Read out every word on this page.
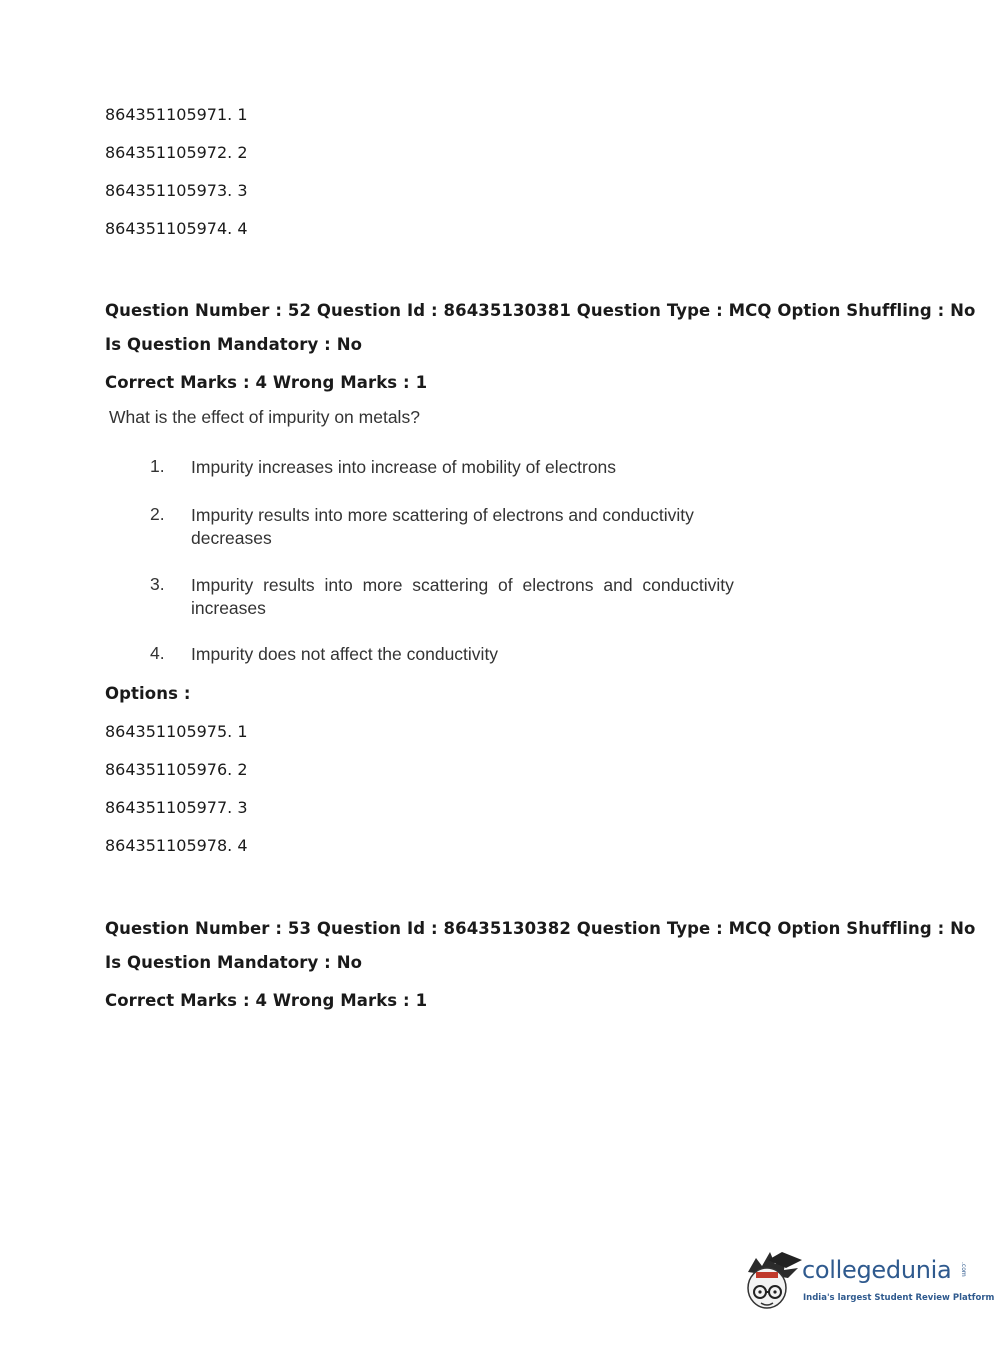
864351105971. 1
864351105972. 2
864351105973. 3
864351105974. 4
Question Number : 52 Question Id : 86435130381 Question Type : MCQ Option Shuffling : No
Is Question Mandatory : No
Correct Marks : 4 Wrong Marks : 1
What is the effect of impurity on metals?
1. Impurity increases into increase of mobility of electrons
2. Impurity results into more scattering of electrons and conductivity
decreases
3. Impurity results into more scattering of electrons and conductivity
increases
4. Impurity does not affect the conductivity
Options :
864351105975. 1
864351105976. 2
864351105977. 3
864351105978. 4
Question Number : 53 Question Id : 86435130382 Question Type : MCQ Option Shuffling : No
Is Question Mandatory : No
Correct Marks : 4 Wrong Marks : 1
collegedunia .com
India's largest Student Review Platform
